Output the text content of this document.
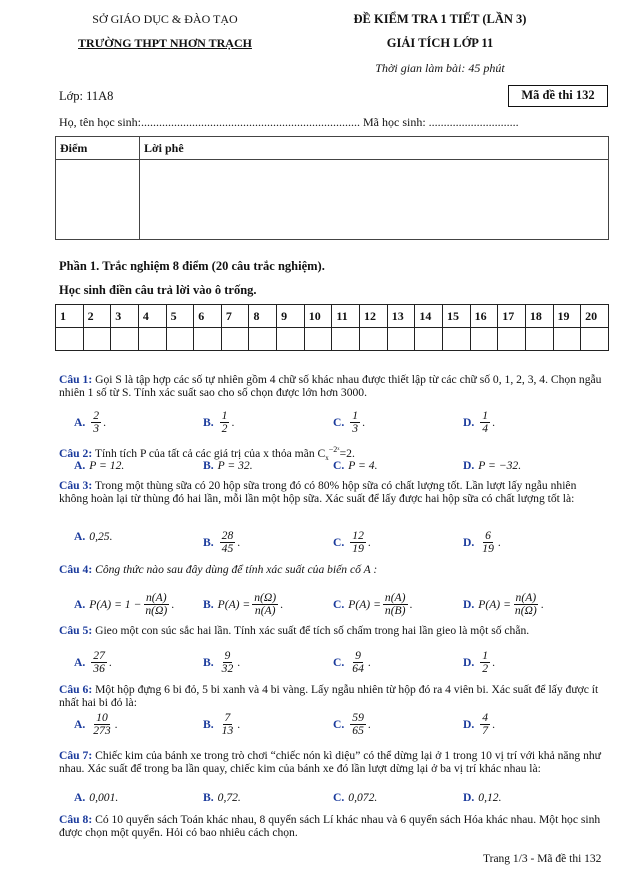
SỞ GIÁO DỤC & ĐÀO TẠO
TRƯỜNG THPT NHƠN TRẠCH
ĐỀ KIỂM TRA 1 TIẾT (LẦN 3)
GIẢI TÍCH LỚP 11
Thời gian làm bài: 45 phút
Lớp: 11A8	Mã đề thi 132
Họ, tên học sinh:......................................................................... Mã học sinh: ..............................
Điểm	Lời phê

Phần 1. Trắc nghiệm 8 điểm (20 câu trắc nghiệm).
Học sinh điền câu trả lời vào ô trống.
1	2	3	4	5	6	7	8	9	10	11	12	13	14	15	16	17	18	19	20

Câu 1: Gọi S là tập hợp các số tự nhiên gồm 4 chữ số khác nhau được thiết lập từ các chữ số 0, 1, 2, 3, 4. Chọn ngẫu nhiên 1 số từ S. Tính xác suất sao cho số chọn được lớn hơn 3000.
A. $\frac{2}{3}$ .	B. $\frac{1}{2}$ .	C. $\frac{1}{3}$ .	D. $\frac{1}{4}$ .
Câu 2: Tính tích P của tất cả các giá trị của x thỏa mãn $C_x^{-2ˣ}=2$.
A. P = 12.	B. P = 32.	C. P = 4.	D. P = −32.
Câu 3: Trong một thùng sữa có 20 hộp sữa trong đó có 80% hộp sữa có chất lượng tốt. Lần lượt lấy ngẫu nhiên không hoàn lại từ thùng đó hai lần, mỗi lần một hộp sữa. Xác suất để lấy được hai hộp sữa có chất lượng tốt là:
A. 0,25.	B. $\frac{28}{45}$ .	C. $\frac{12}{19}$ .	D. $\frac{6}{19}$ .
Câu 4: Công thức nào sau đây dùng để tính xác suất của biến cố A :
A. $P(A) = 1 - \frac{n(A)}{n(\Omega)}$ . B. $P(A) = \frac{n(\Omega)}{n(A)}$ .	C. $P(A) = \frac{n(A)}{n(B)}$ .	D. $P(A) = \frac{n(A)}{n(\Omega)}$ .
Câu 5: Gieo một con súc sắc hai lần. Tính xác suất để tích số chấm trong hai lần gieo là một số chẵn.
A. $\frac{27}{36}$ .	B. $\frac{9}{32}$ .	C. $\frac{9}{64}$ .	D. $\frac{1}{2}$ .
Câu 6: Một hộp đựng 6 bi đỏ, 5 bi xanh và 4 bi vàng. Lấy ngẫu nhiên từ hộp đó ra 4 viên bi. Xác suất để lấy được ít nhất hai bi đỏ là:
A. $\frac{10}{273}$ .	B. $\frac{7}{13}$ .	C. $\frac{59}{65}$ .	D. $\frac{4}{7}$ .
Câu 7: Chiếc kim của bánh xe trong trò chơi “chiếc nón kì diệu” có thể dừng lại ở 1 trong 10 vị trí với khả năng như nhau. Xác suất để trong ba lần quay, chiếc kim của bánh xe đó lần lượt dừng lại ở ba vị trí khác nhau là:
A. 0,001.	B. 0,72.	C. 0,072.	D. 0,12.
Câu 8: Có 10 quyển sách Toán khác nhau, 8 quyển sách Lí khác nhau và 6 quyển sách Hóa khác nhau. Một học sinh được chọn một quyển. Hỏi có bao nhiêu cách chọn.
Trang 1/3 - Mã đề thi 132
